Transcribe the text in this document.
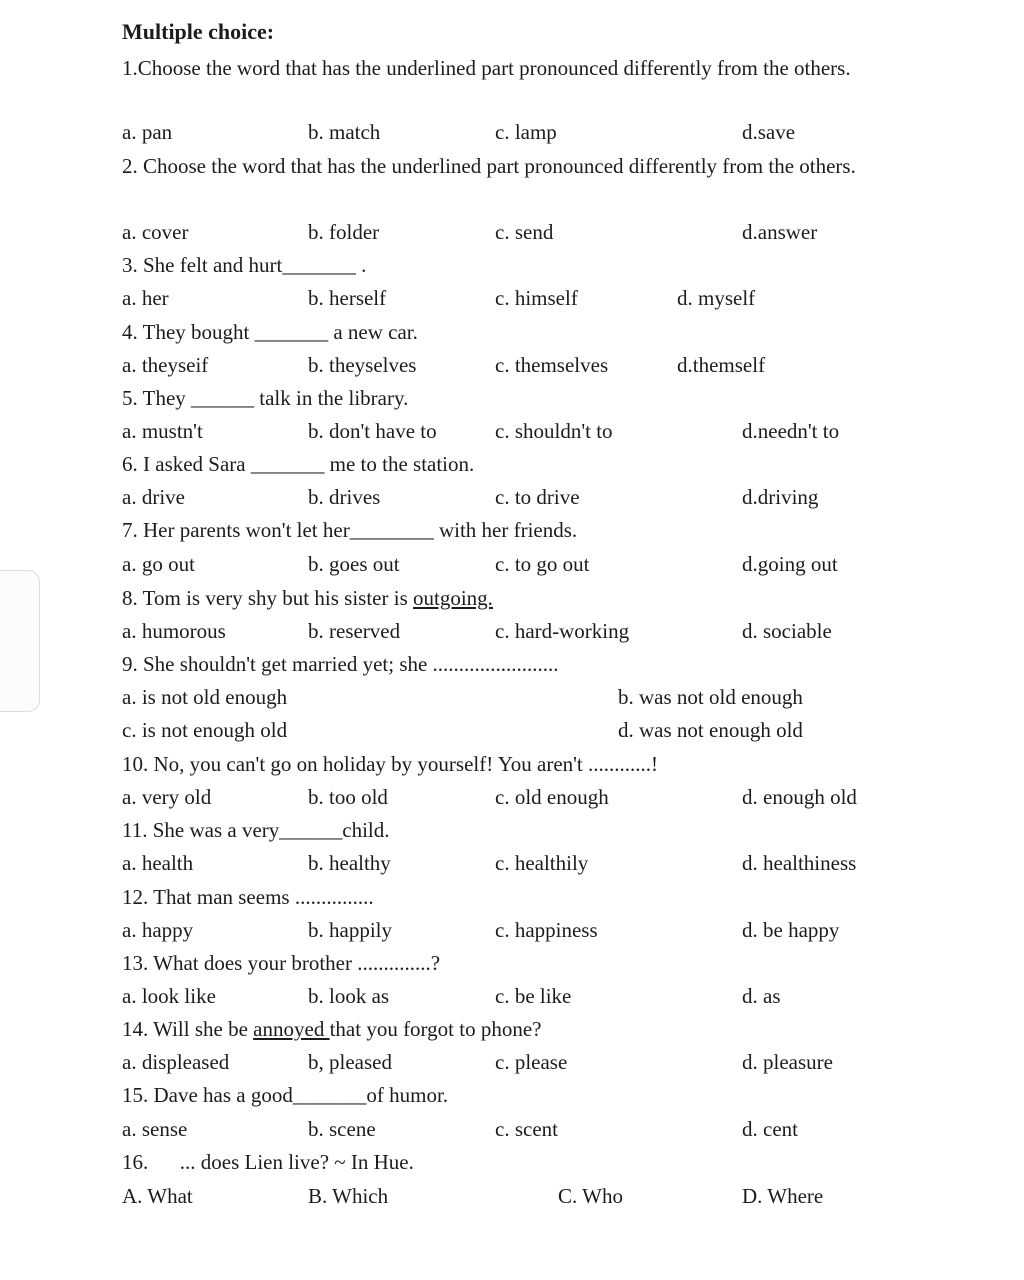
Multiple choice:
1.Choose the word that has the underlined part pronounced differently from the others.
a. pan	b. match	c. lamp	d.save
2. Choose the word that has the underlined part pronounced differently from the others.
a. cover	b. folder	c. send	d.answer
3. She felt and hurt_______ .
a. her	b. herself	c. himself	d. myself
4. They bought _______ a new car.
a. theyseif	b. theyselves	c. themselves	d.themself
5. They ______ talk in the library.
a. mustn't	b. don't have to	c. shouldn't to	d.needn't to
6. I asked Sara _______ me to the station.
a. drive	b. drives	c. to drive	d.driving
7. Her parents won't let her________ with her friends.
a. go out	b. goes out	c. to go out	d.going out
8. Tom is very shy but his sister is outgoing.
a. humorous	b. reserved	c. hard-working	d. sociable
9. She shouldn't get married yet; she ........................
a. is not old enough	b. was not old enough
c. is not enough old	d. was not enough old
10. No, you can't go on holiday by yourself! You aren't ............!
a. very old	b. too old	c. old enough	d. enough old
11. She was a very______child.
a. health	b. healthy	c. healthily	d. healthiness
12. That man seems ...............
a. happy	b. happily	c. happiness	d. be happy
13. What does your brother ..............?
a. look like	b. look as	c. be like	d. as
14. Will she be annoyed that you forgot to phone?
a. displeased	b, pleased	c. please	d. pleasure
15. Dave has a good_______of humor.
a. sense	b. scene	c. scent	d. cent
16.      ... does Lien live? ~ In Hue.
A. What	B. Which	C. Who	D. Where
